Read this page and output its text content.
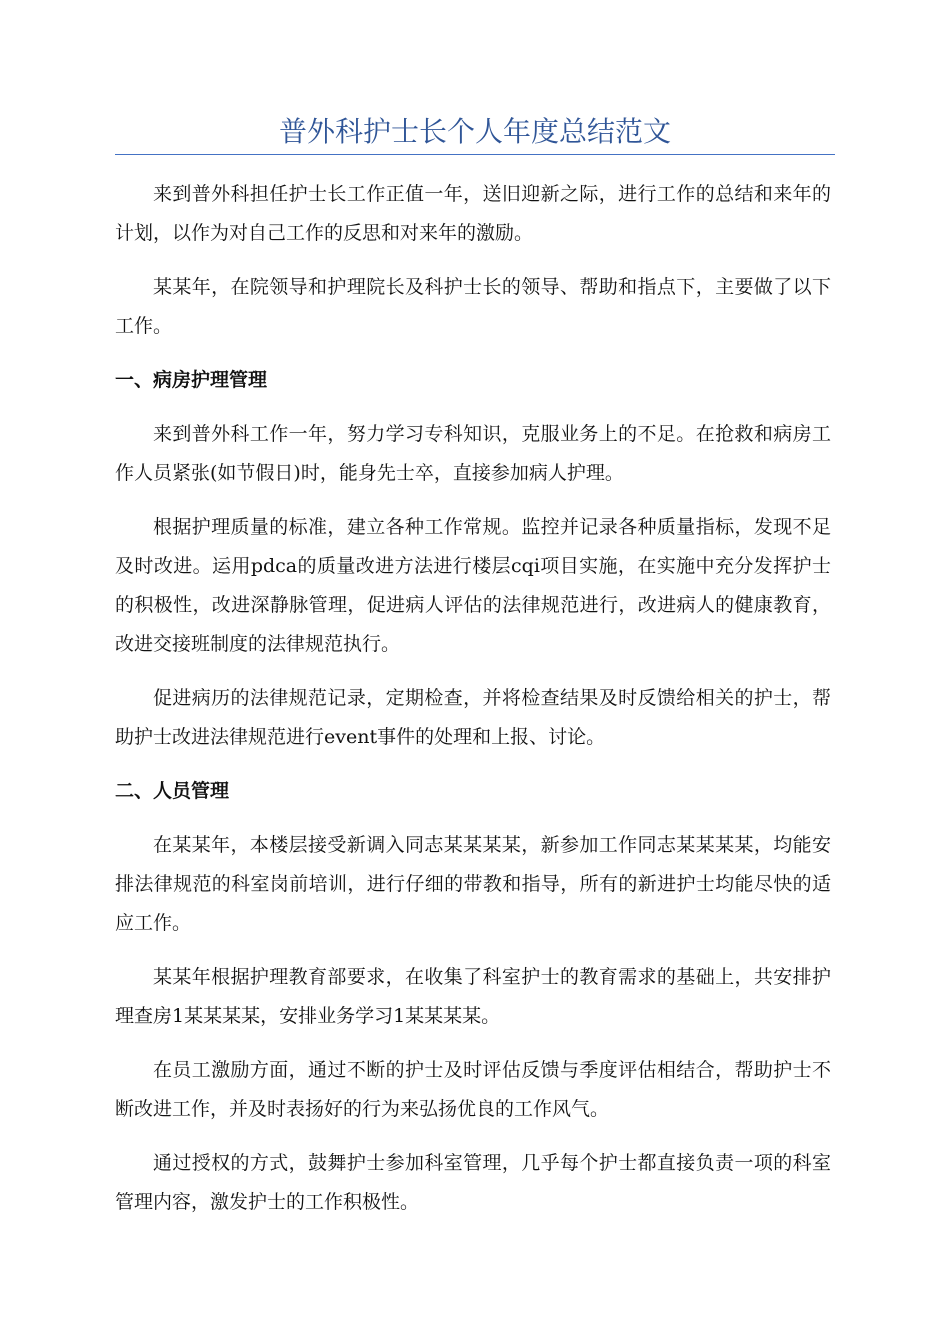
普外科护士长个人年度总结范文

来到普外科担任护士长工作正值一年，送旧迎新之际，进行工作的总结和来年的计划，以作为对自己工作的反思和对来年的激励。

某某年，在院领导和护理院长及科护士长的领导、帮助和指点下，主要做了以下工作。

一、病房护理管理

来到普外科工作一年，努力学习专科知识，克服业务上的不足。在抢救和病房工作人员紧张(如节假日)时，能身先士卒，直接参加病人护理。

根据护理质量的标准，建立各种工作常规。监控并记录各种质量指标，发现不足及时改进。运用pdca的质量改进方法进行楼层cqi项目实施，在实施中充分发挥护士的积极性，改进深静脉管理，促进病人评估的法律规范进行，改进病人的健康教育，改进交接班制度的法律规范执行。

促进病历的法律规范记录，定期检查，并将检查结果及时反馈给相关的护士，帮助护士改进法律规范进行event事件的处理和上报、讨论。

二、人员管理

在某某年，本楼层接受新调入同志某某某某，新参加工作同志某某某某，均能安排法律规范的科室岗前培训，进行仔细的带教和指导，所有的新进护士均能尽快的适应工作。

某某年根据护理教育部要求，在收集了科室护士的教育需求的基础上，共安排护理查房1某某某某，安排业务学习1某某某某。

在员工激励方面，通过不断的护士及时评估反馈与季度评估相结合，帮助护士不断改进工作，并及时表扬好的行为来弘扬优良的工作风气。

通过授权的方式，鼓舞护士参加科室管理，几乎每个护士都直接负责一项的科室管理内容，激发护士的工作积极性。
